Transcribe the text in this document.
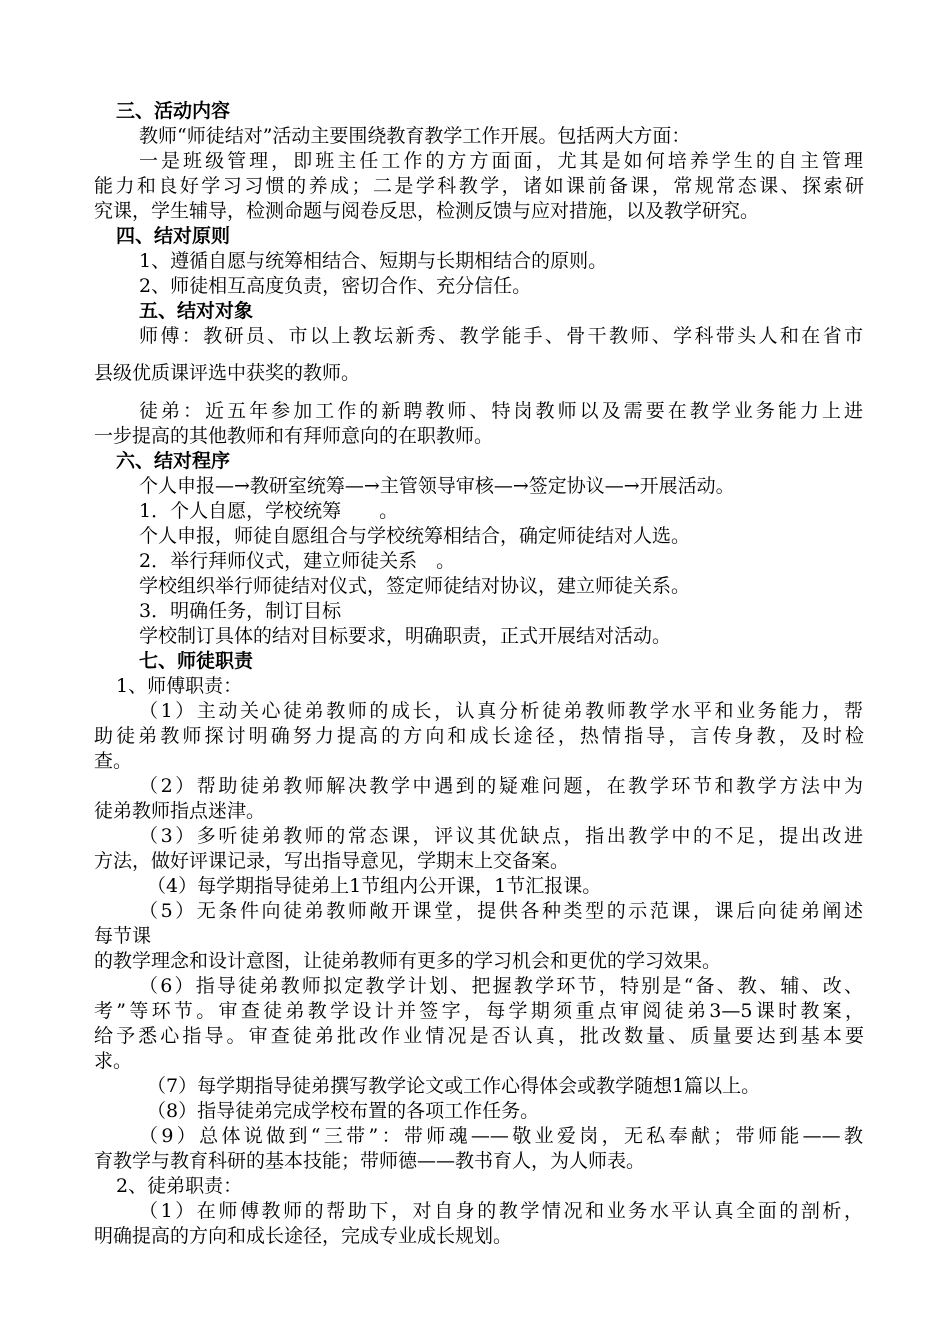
三、活动内容
教师“师徒结对”活动主要围绕教育教学工作开展。包括两大方面：
一是班级管理，即班主任工作的方方面面，尤其是如何培养学生的自主管理
能力和良好学习习惯的养成；二是学科教学，诸如课前备课，常规常态课、探索研
究课，学生辅导，检测命题与阅卷反思，检测反馈与应对措施，以及教学研究。
四、结对原则
1、遵循自愿与统筹相结合、短期与长期相结合的原则。
2、师徒相互高度负责，密切合作、充分信任。
五、结对对象
师傅：教研员、市以上教坛新秀、教学能手、骨干教师、学科带头人和在省市
县级优质课评选中获奖的教师。
徒弟：近五年参加工作的新聘教师、特岗教师以及需要在教学业务能力上进
一步提高的其他教师和有拜师意向的在职教师。
六、结对程序
个人申报—→教研室统筹—→主管领导审核—→签定协议—→开展活动。
1．个人自愿，学校统筹　　。
个人申报，师徒自愿组合与学校统筹相结合，确定师徒结对人选。
2．举行拜师仪式，建立师徒关系　。
学校组织举行师徒结对仪式，签定师徒结对协议，建立师徒关系。
3．明确任务，制订目标
学校制订具体的结对目标要求，明确职责，正式开展结对活动。
七、师徒职责
1、师傅职责：
（1）主动关心徒弟教师的成长，认真分析徒弟教师教学水平和业务能力，帮
助徒弟教师探讨明确努力提高的方向和成长途径，热情指导，言传身教，及时检
查。
（2）帮助徒弟教师解决教学中遇到的疑难问题，在教学环节和教学方法中为
徒弟教师指点迷津。
（3）多听徒弟教师的常态课，评议其优缺点，指出教学中的不足，提出改进
方法，做好评课记录，写出指导意见，学期末上交备案。
（4）每学期指导徒弟上1节组内公开课，1节汇报课。
（5）无条件向徒弟教师敞开课堂，提供各种类型的示范课，课后向徒弟阐述
每节课
的教学理念和设计意图，让徒弟教师有更多的学习机会和更优的学习效果。
（6）指导徒弟教师拟定教学计划、把握教学环节，特别是“备、教、辅、改、
考”等环节。审查徒弟教学设计并签字，每学期须重点审阅徒弟3—5课时教案，
给予悉心指导。审查徒弟批改作业情况是否认真，批改数量、质量要达到基本要
求。
（7）每学期指导徒弟撰写教学论文或工作心得体会或教学随想1篇以上。
（8）指导徒弟完成学校布置的各项工作任务。
（9）总体说做到“三带”：带师魂——敬业爱岗，无私奉献；带师能——教
育教学与教育科研的基本技能；带师德——教书育人，为人师表。
2、徒弟职责：
（1）在师傅教师的帮助下，对自身的教学情况和业务水平认真全面的剖析，
明确提高的方向和成长途径，完成专业成长规划。
